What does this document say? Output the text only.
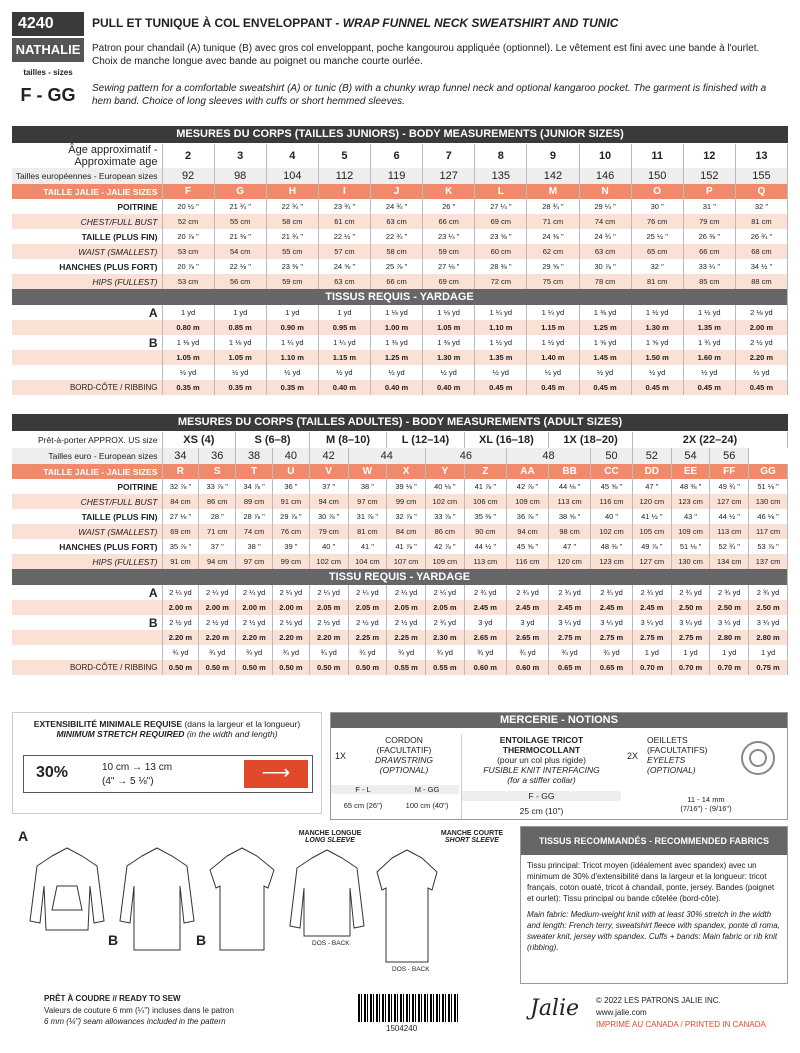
4240
NATHALIE
tailles - sizes
F - GG
PULL ET TUNIQUE À COL ENVELOPPANT - WRAP FUNNEL NECK SWEATSHIRT AND TUNIC
Patron pour chandail (A) tunique (B) avec gros col enveloppant, poche kangourou appliquée (optionnel). Le vêtement est fini avec une bande à l'ourlet. Choix de manche longue avec bande au poignet ou manche courte ourlée.
Sewing pattern for a comfortable sweatshirt (A) or tunic (B) with a chunky wrap funnel neck and optional kangaroo pocket. The garment is finished with a hem band. Choice of long sleeves with cuffs or short hemmed sleeves.
MESURES DU CORPS (TAILLES JUNIORS) - BODY MEASUREMENTS (JUNIOR SIZES)
Âge approximatif - Approximate age	2	3	4	5	6	7	8	9	10	11	12	13
Tailles européennes - European sizes	92	98	104	112	119	127	135	142	146	150	152	155
TAILLE JALIE - JALIE SIZES	F	G	H	I	J	K	L	M	N	O	P	Q
POITRINE	20 ½ "	21 ¾ "	22 ¾ "	23 ¾ "	24 ¾ "	26 "	27 ¼ "	28 ¾ "	29 ¼ "	30 "	31 "	32 "
CHEST/FULL BUST	52 cm	55 cm	58 cm	61 cm	63 cm	66 cm	69 cm	71 cm	74 cm	76 cm	79 cm	81 cm
TAILLE (PLUS FIN)	20 ⅞ "	21 ⅜ "	21 ¾ "	22 ½ "	22 ¾ "	23 ¼ "	23 ⅝ "	24 ⅜ "	24 ¾ "	25 ½ "	26 ⅜ "	26 ¾ "
WAIST (SMALLEST)	53 cm	54 cm	55 cm	57 cm	58 cm	59 cm	60 cm	62 cm	63 cm	65 cm	66 cm	68 cm
HANCHES (PLUS FORT)	20 ⅞ "	22 ⅛ "	23 ⅜ "	24 ⅝ "	25 ⅞ "	27 ⅛ "	28 ⅜ "	29 ⅝ "	30 ⅞ "	32 "	33 ¼ "	34 ½ "
HIPS (FULLEST)	53 cm	56 cm	59 cm	63 cm	66 cm	69 cm	72 cm	75 cm	78 cm	81 cm	85 cm	88 cm
TISSUS REQUIS - YARDAGE												
A	1 yd	1 yd	1 yd	1 yd	1 ⅛ yd	1 ⅛ yd	1 ¼ yd	1 ¼ yd	1 ⅜ yd	1 ½ yd	1 ½ yd	2 ⅛ yd
	0.80 m	0.85 m	0.90 m	0.95 m	1.00 m	1.05 m	1.10 m	1.15 m	1.25 m	1.30 m	1.35 m	2.00 m
B	1 ⅛ yd	1 ⅛ yd	1 ¼ yd	1 ¼ yd	1 ⅜ yd	1 ⅜ yd	1 ½ yd	1 ½ yd	1 ⅝ yd	1 ⅝ yd	1 ¾ yd	2 ½ yd
	1.05 m	1.05 m	1.10 m	1.15 m	1.25 m	1.30 m	1.35 m	1.40 m	1.45 m	1.50 m	1.60 m	2.20 m
	½ yd	½ yd	½ yd	½ yd	½ yd	½ yd	½ yd	½ yd	½ yd	½ yd	½ yd	½ yd
BORD-CÔTE / RIBBING	0.35 m	0.35 m	0.35 m	0.40 m	0.40 m	0.40 m	0.45 m	0.45 m	0.45 m	0.45 m	0.45 m	0.45 m
MESURES DU CORPS (TAILLES ADULTES) - BODY MEASUREMENTS (ADULT SIZES)
Prêt-à-porter APPROX. US size	XS (4)		S (6–8)		M (8–10)		L (12–14)		XL (16–18)		1X (18–20)		2X (22–24)			
Tailles euro - European sizes	34	36	38	40	42	44		46		48		50	52	54	56	
TAILLE JALIE - JALIE SIZES	R	S	T	U	V	W	X	Y	Z	AA	BB	CC	DD	EE	FF	GG
POITRINE	32 ⅞ "	33 ⅞ "	34 ⅞ "	36 "	37 "	38 "	39 ⅛ "	40 ⅛ "	41 ⅞ "	42 ⅞ "	44 ⅛ "	45 ⅝ "	47 "	48 ⅜ "	49 ¾ "	51 ⅛ "
CHEST/FULL BUST	84 cm	86 cm	89 cm	91 cm	94 cm	97 cm	99 cm	102 cm	106 cm	109 cm	113 cm	116 cm	120 cm	123 cm	127 cm	130 cm
TAILLE (PLUS FIN)	27 ⅛ "	28 "	28 ⅞ "	29 ⅞ "	30 ⅞ "	31 ⅞ "	32 ⅞ "	33 ⅞ "	35 ⅜ "	36 ⅞ "	38 ⅝ "	40 "	41 ½ "	43 "	44 ½ "	46 ⅛ "
WAIST (SMALLEST)	69 cm	71 cm	74 cm	76 cm	79 cm	81 cm	84 cm	86 cm	90 cm	94 cm	98 cm	102 cm	105 cm	109 cm	113 cm	117 cm
HANCHES (PLUS FORT)	35 ⅞ "	37 "	38 "	39 "	40 "	41 "	41 ⅞ "	42 ⅞ "	44 ½ "	45 ⅝ "	47 "	48 ⅜ "	49 ⅞ "	51 ⅛ "	52 ¾ "	53 ⅞ "
HIPS (FULLEST)	91 cm	94 cm	97 cm	99 cm	102 cm	104 cm	107 cm	109 cm	113 cm	116 cm	120 cm	123 cm	127 cm	130 cm	134 cm	137 cm
TISSU REQUIS - YARDAGE																
A	2 ¼ yd	2 ¼ yd	2 ¼ yd	2 ¼ yd	2 ¼ yd	2 ¼ yd	2 ¼ yd	2 ¼ yd	2 ¾ yd	2 ¾ yd	2 ¾ yd	2 ¾ yd	2 ¾ yd	2 ¾ yd	2 ¾ yd	2 ¾ yd
	2.00 m	2.00 m	2.00 m	2.00 m	2.05 m	2.05 m	2.05 m	2.05 m	2.45 m	2.45 m	2.45 m	2.45 m	2.45 m	2.50 m	2.50 m	2.50 m
B	2 ½ yd	2 ½ yd	2 ½ yd	2 ½ yd	2 ½ yd	2 ½ yd	2 ½ yd	2 ¾ yd	3 yd	3 yd	3 ¼ yd	3 ¼ yd	3 ¼ yd	3 ¼ yd	3 ¼ yd	3 ¼ yd
	2.20 m	2.20 m	2.20 m	2.20 m	2.20 m	2.25 m	2.25 m	2.30 m	2.65 m	2.65 m	2.75 m	2.75 m	2.75 m	2.75 m	2.80 m	2.80 m
	¾ yd	¾ yd	¾ yd	¾ yd	¾ yd	¾ yd	¾ yd	¾ yd	¾ yd	¾ yd	¾ yd	¾ yd	1 yd	1 yd	1 yd	1 yd
BORD-CÔTE / RIBBING	0.50 m	0.50 m	0.50 m	0.50 m	0.50 m	0.50 m	0.55 m	0.55 m	0.60 m	0.60 m	0.65 m	0.65 m	0.70 m	0.70 m	0.70 m	0.75 m
EXTENSIBILITÉ MINIMALE REQUISE (dans la largeur et la longueur)
MINIMUM STRETCH REQUIRED (in the width and length)
30%	10 cm → 13 cm
(4" → 5 ⅛")	⟶
MERCERIE - NOTIONS
1X
CORDON (FACULTATIF)
DRAWSTRING (OPTIONAL)
F - L	M - GG
65 cm (26")	100 cm (40")
ENTOILAGE TRICOT THERMOCOLLANT
(pour un col plus rigide)
FUSIBLE KNIT INTERFACING
(for a stiffer collar)
F - GG
25 cm (10")
2X
OEILLETS (FACULTATIFS)
EYELETS (OPTIONAL)
11 - 14 mm
(7/16") - (9/16")
A
B	B
MANCHE LONGUE
LONG SLEEVE
MANCHE COURTE
SHORT SLEEVE
DOS - BACK
DOS - BACK
TISSUS RECOMMANDÉS - RECOMMENDED FABRICS
Tissu principal: Tricot moyen (idéalement avec spandex) avec un minimum de 30% d'extensibilité dans la largeur et la longueur: tricot français, coton ouaté, tricot à chandail, ponte, jersey. Bandes (poignet et ourlet): Tissu principal ou bande côtelée (bord-côte).
Main fabric: Medium-weight knit with at least 30% stretch in the width and length: French terry, sweatshirt fleece with spandex, ponte di roma, sweater knit, jersey with spandex. Cuffs + bands: Main fabric or rib knit (ribbing).
PRÊT À COUDRE // READY TO SEW
Valeurs de couture 6 mm (¼") incluses dans le patron
6 mm (¼") seam allowances included in the pattern
1504240
Jalie © 2022 LES PATRONS JALIE INC.
www.jalie.com
IMPRIMÉ AU CANADA / PRINTED IN CANADA
